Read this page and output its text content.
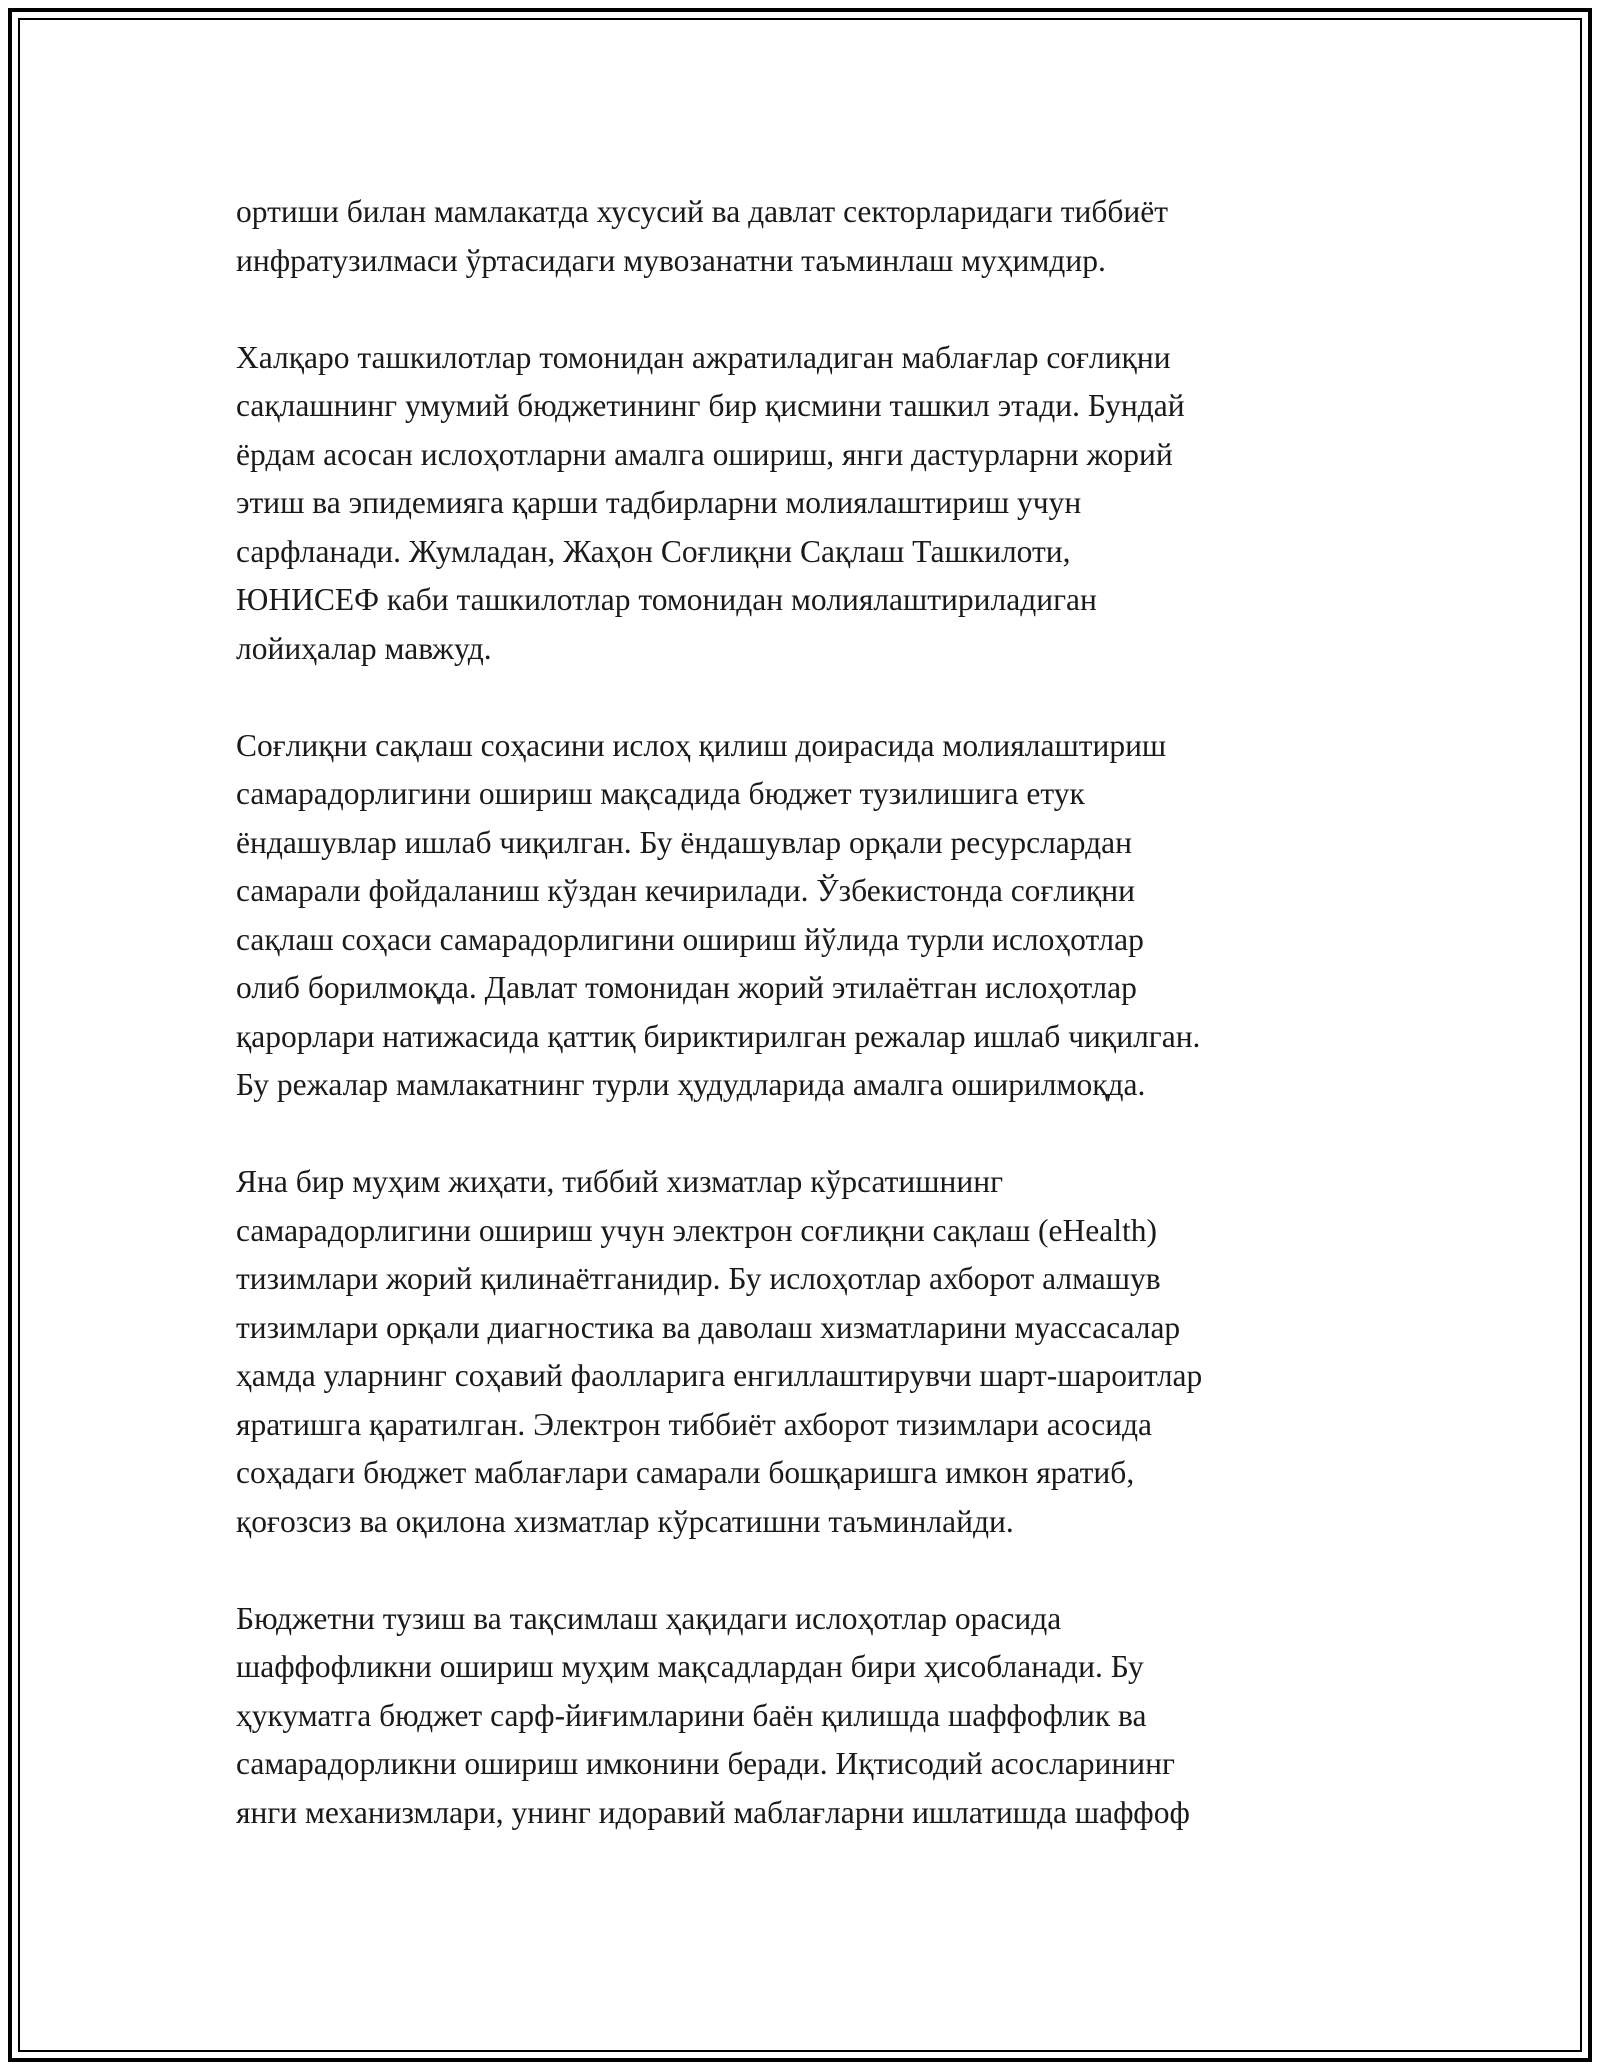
ортиши билан мамлакатда хусусий ва давлат секторларидаги тиббиёт
инфратузилмаси ўртасидаги мувозанатни таъминлаш муҳимдир.

Халқаро ташкилотлар томонидан ажратиладиган маблағлар соғлиқни
сақлашнинг умумий бюджетининг бир қисмини ташкил этади. Бундай
ёрдам асосан ислоҳотларни амалга ошириш, янги дастурларни жорий
этиш ва эпидемияга қарши тадбирларни молиялаштириш учун
сарфланади. Жумладан, Жаҳон Соғлиқни Сақлаш Ташкилоти,
ЮНИСЕФ каби ташкилотлар томонидан молиялаштириладиган
лойиҳалар мавжуд.

Соғлиқни сақлаш соҳасини ислоҳ қилиш доирасида молиялаштириш
самарадорлигини ошириш мақсадида бюджет тузилишига етук
ёндашувлар ишлаб чиқилган. Бу ёндашувлар орқали ресурслардан
самарали фойдаланиш кўздан кечирилади. Ўзбекистонда соғлиқни
сақлаш соҳаси самарадорлигини ошириш йўлида турли ислоҳотлар
олиб борилмоқда. Давлат томонидан жорий этилаётган ислоҳотлар
қарорлари натижасида қаттиқ бириктирилган режалар ишлаб чиқилган.
Бу режалар мамлакатнинг турли ҳудудларида амалга оширилмоқда.

Яна бир муҳим жиҳати, тиббий хизматлар кўрсатишнинг
самарадорлигини ошириш учун электрон соғлиқни сақлаш (eHealth)
тизимлари жорий қилинаётганидир. Бу ислоҳотлар ахборот алмашув
тизимлари орқали диагностика ва даволаш хизматларини муассасалар
ҳамда уларнинг соҳавий фаолларига енгиллаштирувчи шарт-шароитлар
яратишга қаратилган. Электрон тиббиёт ахборот тизимлари асосида
соҳадаги бюджет маблағлари самарали бошқаришга имкон яратиб,
қоғозсиз ва оқилона хизматлар кўрсатишни таъминлайди.

Бюджетни тузиш ва тақсимлаш ҳақидаги ислоҳотлар орасида
шаффофликни ошириш муҳим мақсадлардан бири ҳисобланади. Бу
ҳукуматга бюджет сарф-йиғимларини баён қилишда шаффофлик ва
самарадорликни ошириш имконини беради. Иқтисодий асосларининг
янги механизмлари, унинг идоравий маблағларни ишлатишда шаффоф
